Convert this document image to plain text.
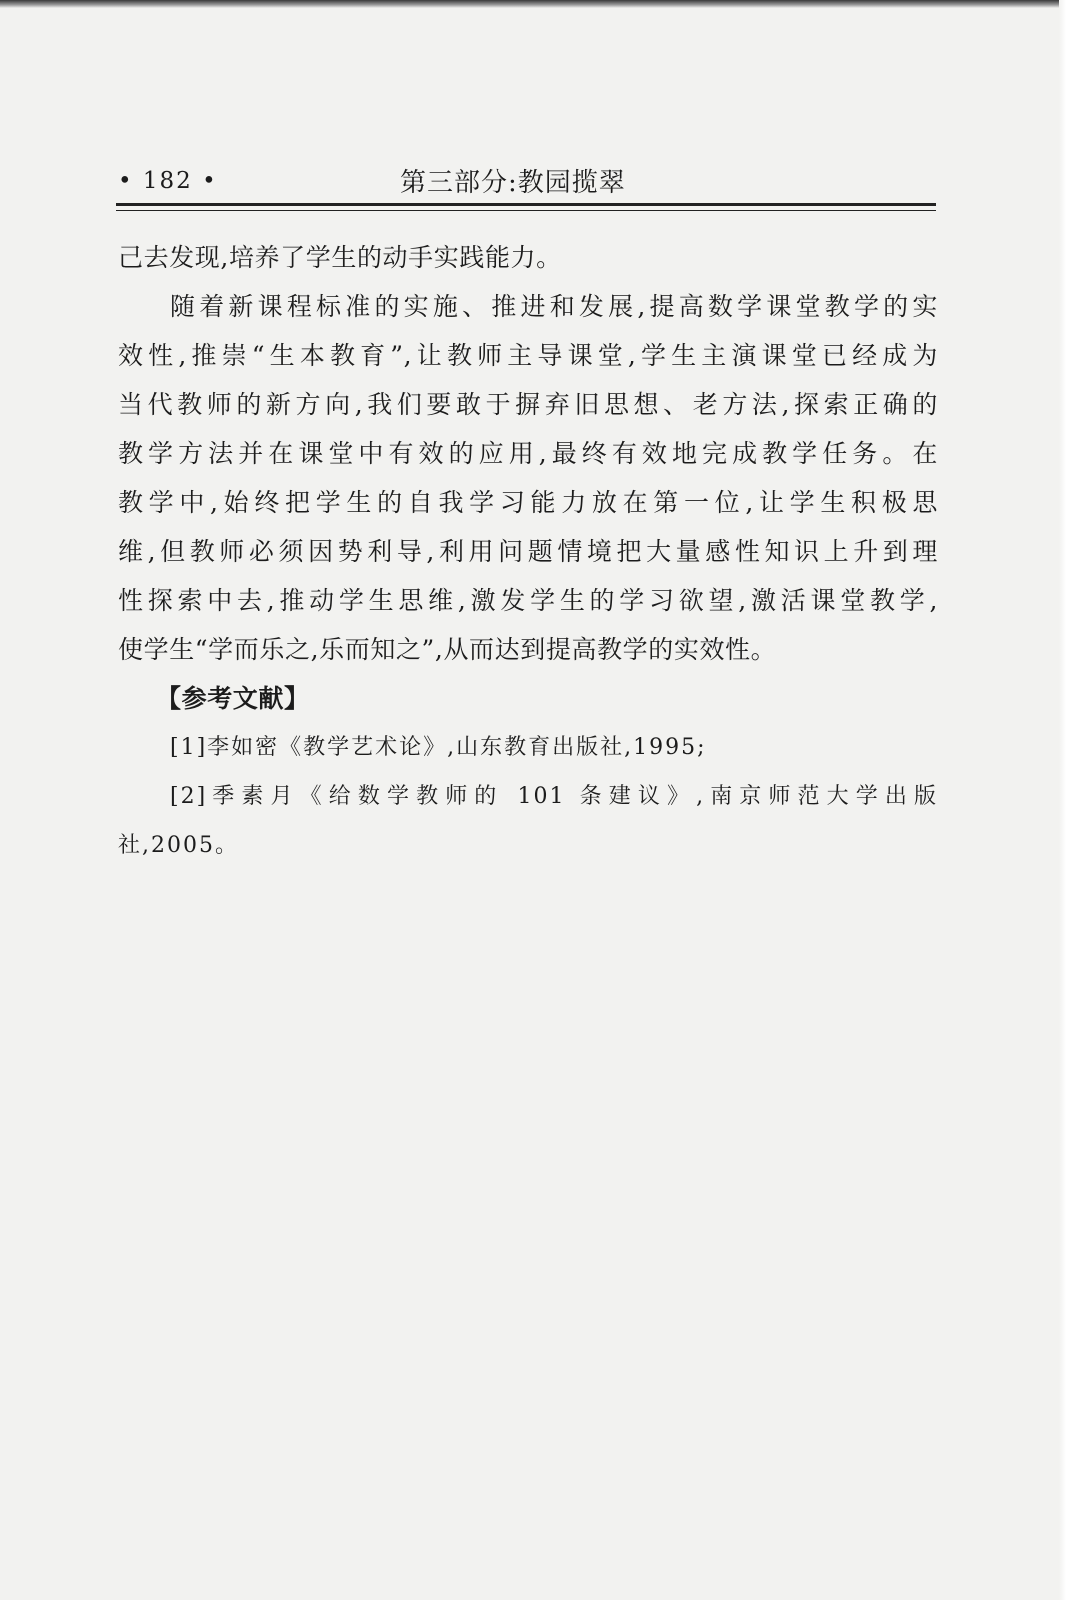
• 182 •	第三部分:教园揽翠
己去发现,培养了学生的动手实践能力。
随着新课程标准的实施、推进和发展,提高数学课堂教学的实
效性,推崇“生本教育”,让教师主导课堂,学生主演课堂已经成为
当代教师的新方向,我们要敢于摒弃旧思想、老方法,探索正确的
教学方法并在课堂中有效的应用,最终有效地完成教学任务。在
教学中,始终把学生的自我学习能力放在第一位,让学生积极思
维,但教师必须因势利导,利用问题情境把大量感性知识上升到理
性探索中去,推动学生思维,激发学生的学习欲望,激活课堂教学,
使学生“学而乐之,乐而知之”,从而达到提高教学的实效性。
【参考文献】
[1]李如密《教学艺术论》,山东教育出版社,1995;
[2]季素月《给数学教师的 101 条建议》,南京师范大学出版
社,2005。
